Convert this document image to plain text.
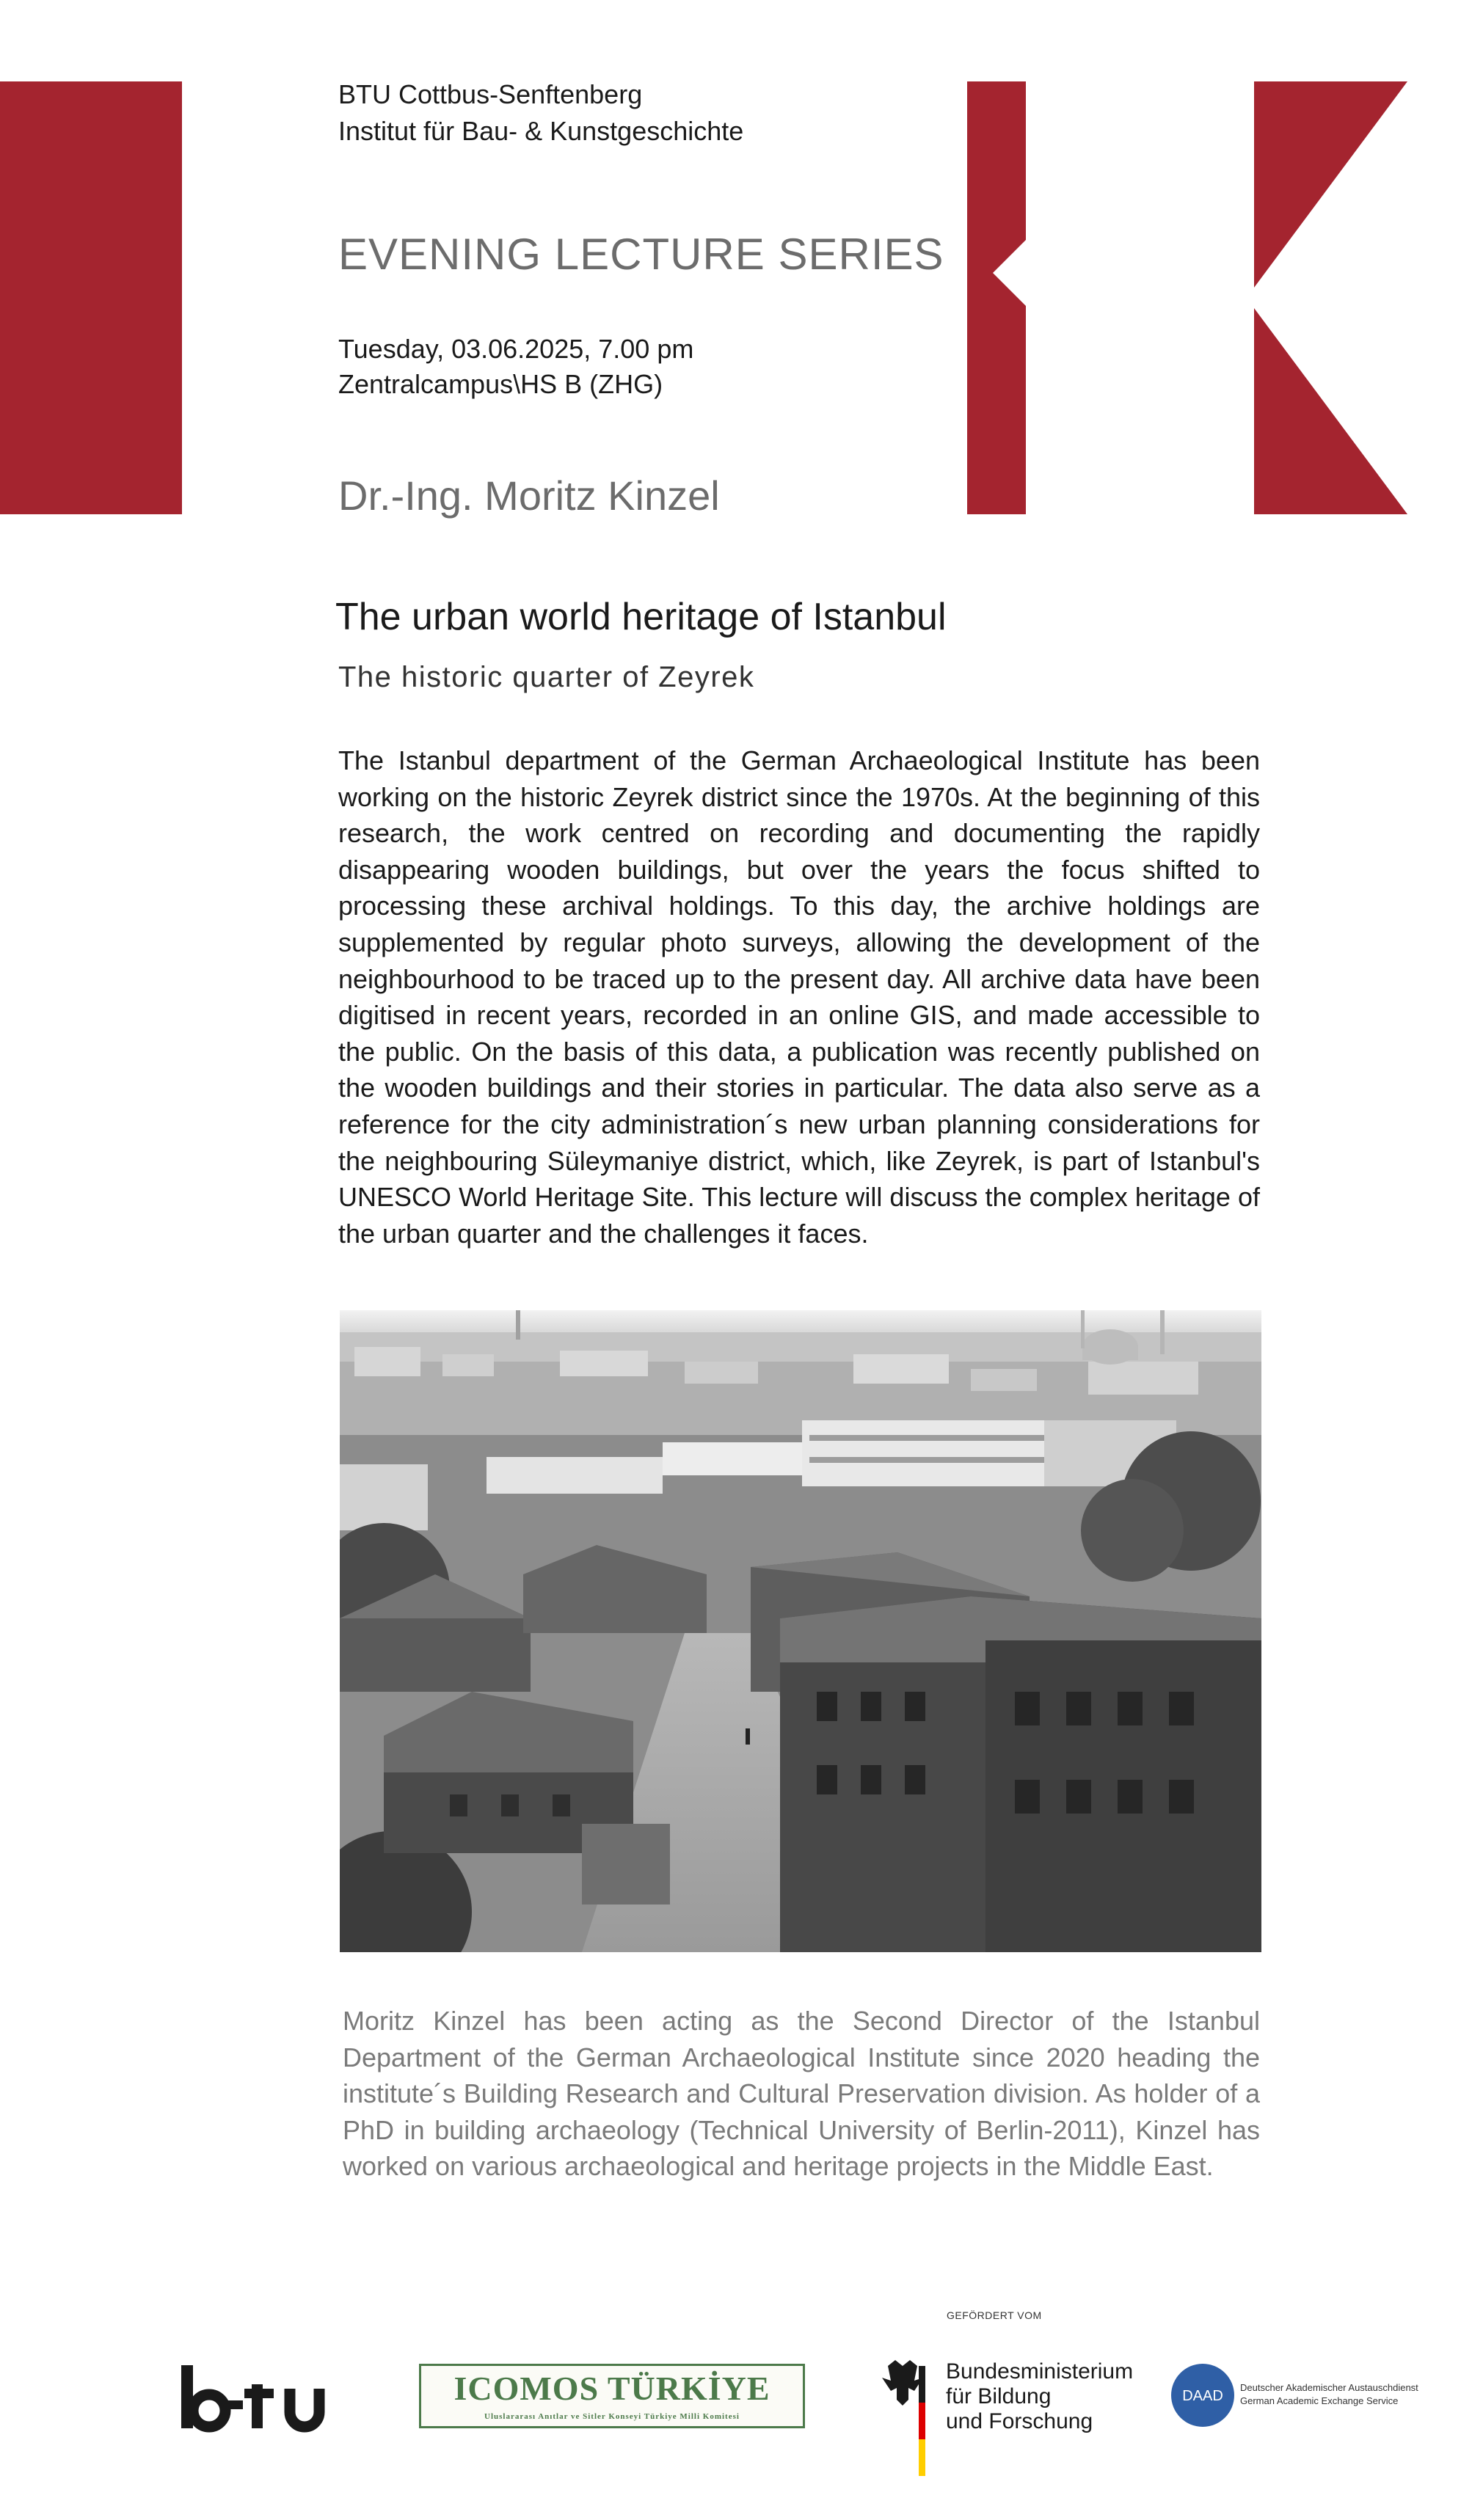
BTU Cottbus-Senftenberg
Institut für Bau- & Kunstgeschichte
EVENING LECTURE SERIES
Tuesday, 03.06.2025, 7.00 pm
Zentralcampus\HS B (ZHG)
Dr.-Ing. Moritz Kinzel
The urban world heritage of Istanbul
The historic quarter of Zeyrek
The Istanbul department of the German Archaeological Institute has been working on the historic Zeyrek district since the 1970s. At the beginning of this research, the work centred on recording and documenting the rapidly disappearing wooden buildings, but over the years the focus shifted to processing these archival holdings. To this day, the archive holdings are supplemented by regular photo surveys, allowing the development of the neighbourhood to be traced up to the present day. All archive data have been digitised in recent years, recorded in an online GIS, and made accessible to the public. On the basis of this data, a publication was recently published on the wooden buildings and their stories in particular. The data also serve as a reference for the city administration´s new urban planning considerations for the neighbouring Süleymaniye district, which, like Zeyrek, is part of Istanbul's UNESCO World Heritage Site. This lecture will discuss the complex heritage of the urban quarter and the challenges it faces.
Moritz Kinzel has been acting as the Second Director of the Istanbul Department of the German Archaeological Institute since 2020 heading the institute´s Building Research and Cultural Preservation division. As holder of a PhD in building archaeology (Technical University of Berlin-2011), Kinzel has worked on various archaeological and heritage projects in the Middle East.
GEFÖRDERT VOM
ICOMOS TÜRKİYE
Uluslararası Anıtlar ve Sitler Konseyi Türkiye Milli Komitesi
Bundesministerium
für Bildung
und Forschung
DAAD
Deutscher Akademischer Austauschdienst
German Academic Exchange Service
